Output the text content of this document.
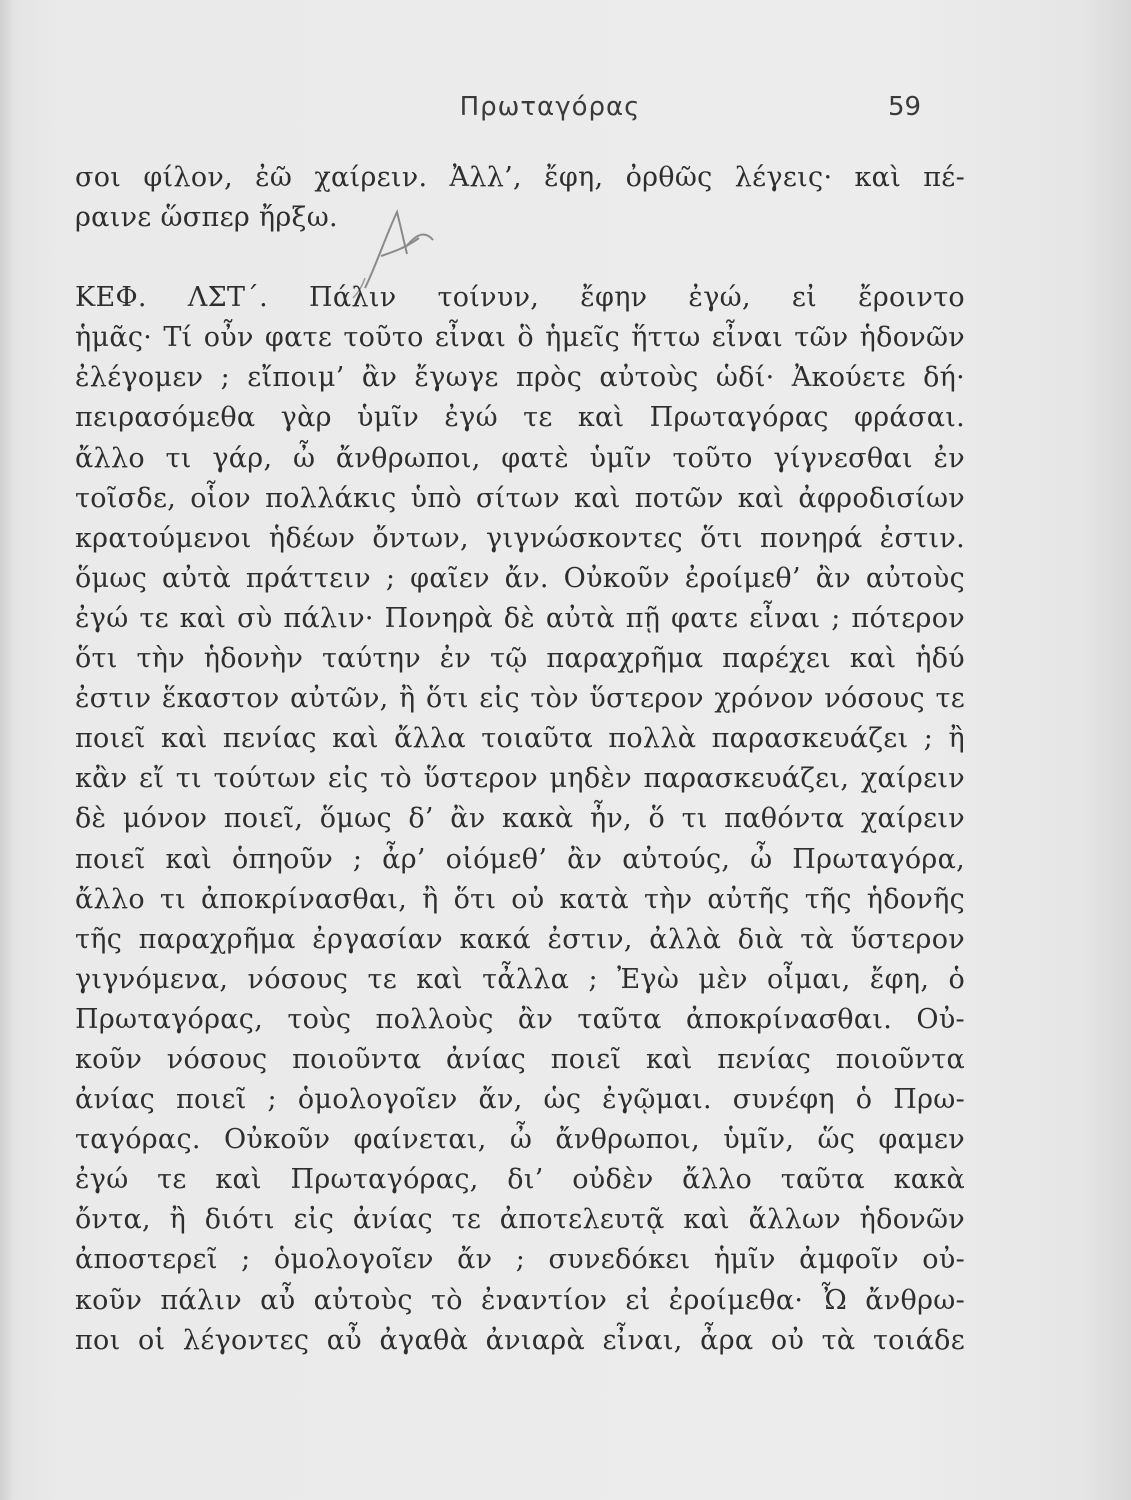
Πρωταγόρας	59
σοι φίλον, ἐῶ χαίρειν. Ἀλλ’, ἔφη, ὀρθῶς λέγεις· καὶ πέ-
ραινε ὥσπερ ἤρξω.
ΚΕΦ. ΛΣΤ΄. Πάλιν τοίνυν, ἔφην ἐγώ, εἰ ἔροιντο
ἡμᾶς· Τί οὖν φατε τοῦτο εἶναι ὃ ἡμεῖς ἥττω εἶναι τῶν ἡδονῶν
ἐλέγομεν ; εἴποιμ’ ἂν ἔγωγε πρὸς αὐτοὺς ὡδί· Ἀκούετε δή·
πειρασόμεθα γὰρ ὑμῖν ἐγώ τε καὶ Πρωταγόρας φράσαι.
ἄλλο τι γάρ, ὦ ἄνθρωποι, φατὲ ὑμῖν τοῦτο γίγνεσθαι ἐν
τοῖσδε, οἷον πολλάκις ὑπὸ σίτων καὶ ποτῶν καὶ ἀφροδισίων
κρατούμενοι ἡδέων ὄντων, γιγνώσκοντες ὅτι πονηρά ἐστιν.
ὅμως αὐτὰ πράττειν ; φαῖεν ἄν. Οὐκοῦν ἐροίμεθ’ ἂν αὐτοὺς
ἐγώ τε καὶ σὺ πάλιν· Πονηρὰ δὲ αὐτὰ πῇ φατε εἶναι ; πότερον
ὅτι τὴν ἡδονὴν ταύτην ἐν τῷ παραχρῆμα παρέχει καὶ ἡδύ
ἐστιν ἕκαστον αὐτῶν, ἢ ὅτι εἰς τὸν ὕστερον χρόνον νόσους τε
ποιεῖ καὶ πενίας καὶ ἄλλα τοιαῦτα πολλὰ παρασκευάζει ; ἢ
κἂν εἴ τι τούτων εἰς τὸ ὕστερον μηδὲν παρασκευάζει, χαίρειν
δὲ μόνον ποιεῖ, ὅμως δ’ ἂν κακὰ ἦν, ὅ τι παθόντα χαίρειν
ποιεῖ καὶ ὁπηοῦν ; ἆρ’ οἰόμεθ’ ἂν αὐτούς, ὦ Πρωταγόρα,
ἄλλο τι ἀποκρίνασθαι, ἢ ὅτι οὐ κατὰ τὴν αὐτῆς τῆς ἡδονῆς
τῆς παραχρῆμα ἐργασίαν κακά ἐστιν, ἀλλὰ διὰ τὰ ὕστερον
γιγνόμενα, νόσους τε καὶ τἆλλα ; Ἐγὼ μὲν οἶμαι, ἔφη, ὁ
Πρωταγόρας, τοὺς πολλοὺς ἂν ταῦτα ἀποκρίνασθαι. Οὐ-
κοῦν νόσους ποιοῦντα ἀνίας ποιεῖ καὶ πενίας ποιοῦντα
ἀνίας ποιεῖ ; ὁμολογοῖεν ἄν, ὡς ἐγῷμαι. συνέφη ὁ Πρω-
ταγόρας. Οὐκοῦν φαίνεται, ὦ ἄνθρωποι, ὑμῖν, ὥς φαμεν
ἐγώ τε καὶ Πρωταγόρας, δι’ οὐδὲν ἄλλο ταῦτα κακὰ
ὄντα, ἢ διότι εἰς ἀνίας τε ἀποτελευτᾷ καὶ ἄλλων ἡδονῶν
ἀποστερεῖ ; ὁμολογοῖεν ἄν ; συνεδόκει ἡμῖν ἀμφοῖν οὐ-
κοῦν πάλιν αὖ αὐτοὺς τὸ ἐναντίον εἰ ἐροίμεθα· Ὦ ἄνθρω-
ποι οἱ λέγοντες αὖ ἀγαθὰ ἀνιαρὰ εἶναι, ἆρα οὐ τὰ τοιάδε
